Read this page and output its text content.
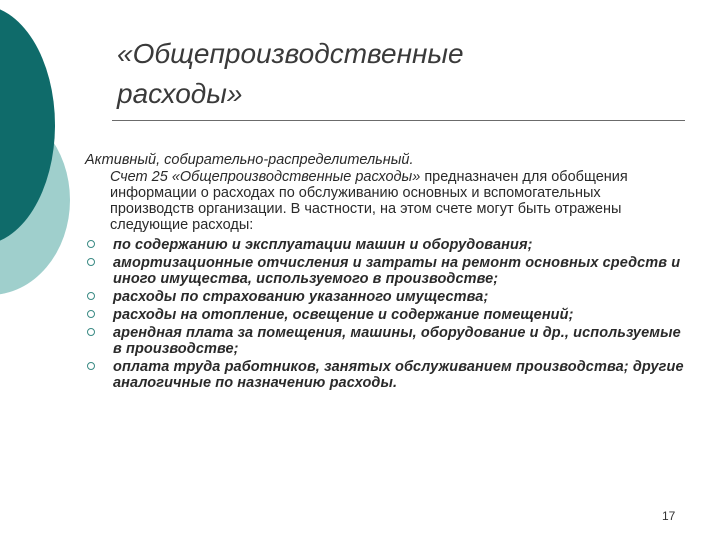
«Общепроизводственные
расходы»
Активный, собирательно-распределительный.
Счет 25 «Общепроизводственные расходы» предназначен для обобщения информации о расходах по обслуживанию основных и вспомогательных производств организации. В частности, на этом счете могут быть отражены следующие расходы:
по содержанию и эксплуатации машин и оборудования;
амортизационные отчисления и затраты на ремонт основных средств и иного имущества, используемого в производстве;
расходы по страхованию указанного имущества;
расходы на отопление, освещение и содержание помещений;
арендная плата за помещения, машины, оборудование и др., используемые в производстве;
оплата труда работников, занятых обслуживанием производства; другие аналогичные по назначению расходы.
17
